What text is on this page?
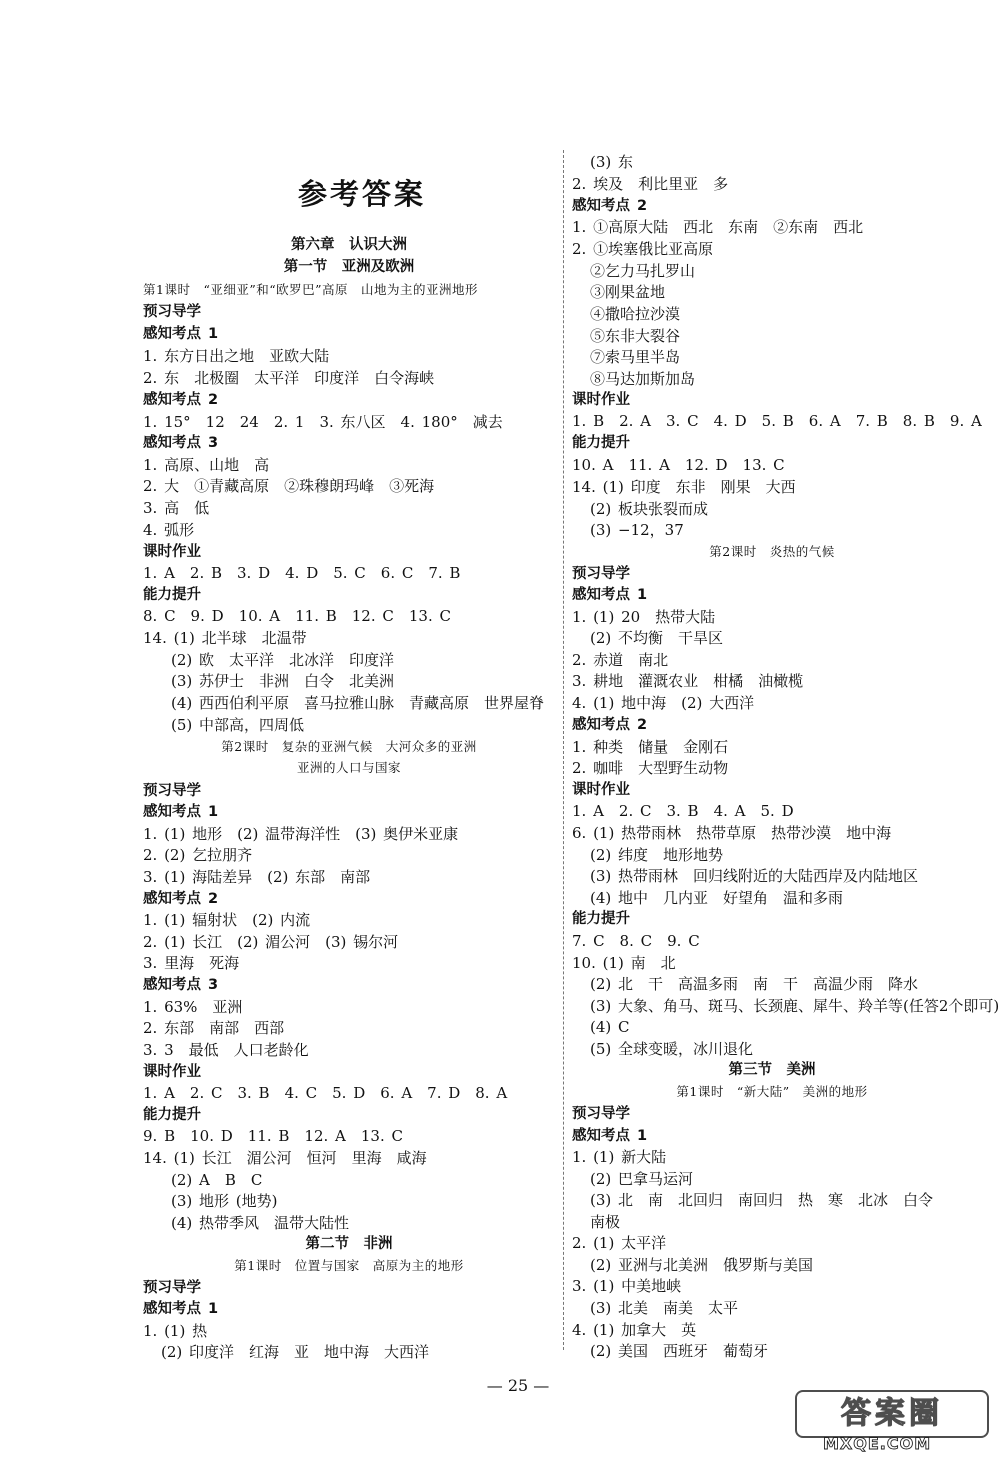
参考答案
第六章　认识大洲
第一节　亚洲及欧洲
第1课时　“亚细亚”和“欧罗巴”高原　山地为主的亚洲地形
预习导学
感知考点 1
1. 东方日出之地　亚欧大陆
2. 东　北极圈　太平洋　印度洋　白令海峡
感知考点 2
1. 15°　12　24　2. 1　3. 东八区　4. 180°　减去
感知考点 3
1. 高原、山地　高
2. 大　①青藏高原　②珠穆朗玛峰　③死海
3. 高　低
4. 弧形
课时作业
1. A　2. B　3. D　4. D　5. C　6. C　7. B
能力提升
8. C　9. D　10. A　11. B　12. C　13. C
14. (1) 北半球　北温带
(2) 欧　太平洋　北冰洋　印度洋
(3) 苏伊士　非洲　白令　北美洲
(4) 西西伯利平原　喜马拉雅山脉　青藏高原　世界屋脊
(5) 中部高，四周低
第2课时　复杂的亚洲气候　大河众多的亚洲
亚洲的人口与国家
预习导学
感知考点 1
1. (1) 地形　(2) 温带海洋性　(3) 奥伊米亚康
2. (2) 乞拉朋齐
3. (1) 海陆差异　(2) 东部　南部
感知考点 2
1. (1) 辐射状　(2) 内流
2. (1) 长江　(2) 湄公河　(3) 锡尔河
3. 里海　死海
感知考点 3
1. 63%　亚洲
2. 东部　南部　西部
3. 3　最低　人口老龄化
课时作业
1. A　2. C　3. B　4. C　5. D　6. A　7. D　8. A
能力提升
9. B　10. D　11. B　12. A　13. C
14. (1) 长江　湄公河　恒河　里海　咸海
(2) A　B　C
(3) 地形 (地势)
(4) 热带季风　温带大陆性
第二节　非洲
第1课时　位置与国家　高原为主的地形
预习导学
感知考点 1
1. (1) 热
(2) 印度洋　红海　亚　地中海　大西洋
(3) 东
2. 埃及　利比里亚　多
感知考点 2
1. ①高原大陆　西北　东南　②东南　西北
2. ①埃塞俄比亚高原
②乞力马扎罗山
③刚果盆地
④撒哈拉沙漠
⑤东非大裂谷
⑦索马里半岛
⑧马达加斯加岛
课时作业
1. B　2. A　3. C　4. D　5. B　6. A　7. B　8. B　9. A
能力提升
10. A　11. A　12. D　13. C
14. (1) 印度　东非　刚果　大西
(2) 板块张裂而成
(3) −12，37
第2课时　炎热的气候
预习导学
感知考点 1
1. (1) 20　热带大陆
(2) 不均衡　干旱区
2. 赤道　南北
3. 耕地　灌溉农业　柑橘　油橄榄
4. (1) 地中海　(2) 大西洋
感知考点 2
1. 种类　储量　金刚石
2. 咖啡　大型野生动物
课时作业
1. A　2. C　3. B　4. A　5. D
6. (1) 热带雨林　热带草原　热带沙漠　地中海
(2) 纬度　地形地势
(3) 热带雨林　回归线附近的大陆西岸及内陆地区
(4) 地中　几内亚　好望角　温和多雨
能力提升
7. C　8. C　9. C
10. (1) 南　北
(2) 北　干　高温多雨　南　干　高温少雨　降水
(3) 大象、角马、斑马、长颈鹿、犀牛、羚羊等(任答2个即可)
(4) C
(5) 全球变暖，冰川退化
第三节　美洲
第1课时　“新大陆”　美洲的地形
预习导学
感知考点 1
1. (1) 新大陆
(2) 巴拿马运河
(3) 北　南　北回归　南回归　热　寒　北冰　白令
南极
2. (1) 太平洋
(2) 亚洲与北美洲　俄罗斯与美国
3. (1) 中美地峡
(3) 北美　南美　太平
4. (1) 加拿大　英
(2) 美国　西班牙　葡萄牙
— 25 —
答案圈
MXQE.COM
